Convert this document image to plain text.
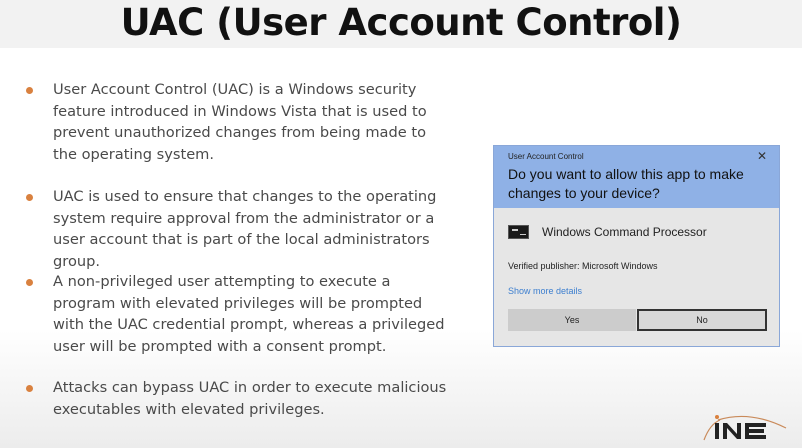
UAC (User Account Control)
User Account Control (UAC) is a Windows security feature introduced in Windows Vista that is used to prevent unauthorized changes from being made to the operating system.
UAC is used to ensure that changes to the operating system require approval from the administrator or a user account that is part of the local administrators group.
A non-privileged user attempting to execute a program with elevated privileges will be prompted with the UAC credential prompt, whereas a privileged user will be prompted with a consent prompt.
Attacks can bypass UAC in order to execute malicious executables with elevated privileges.
User Account Control	✕
Do you want to allow this app to make changes to your device?
Windows Command Processor
Verified publisher: Microsoft Windows
Show more details
Yes	No
